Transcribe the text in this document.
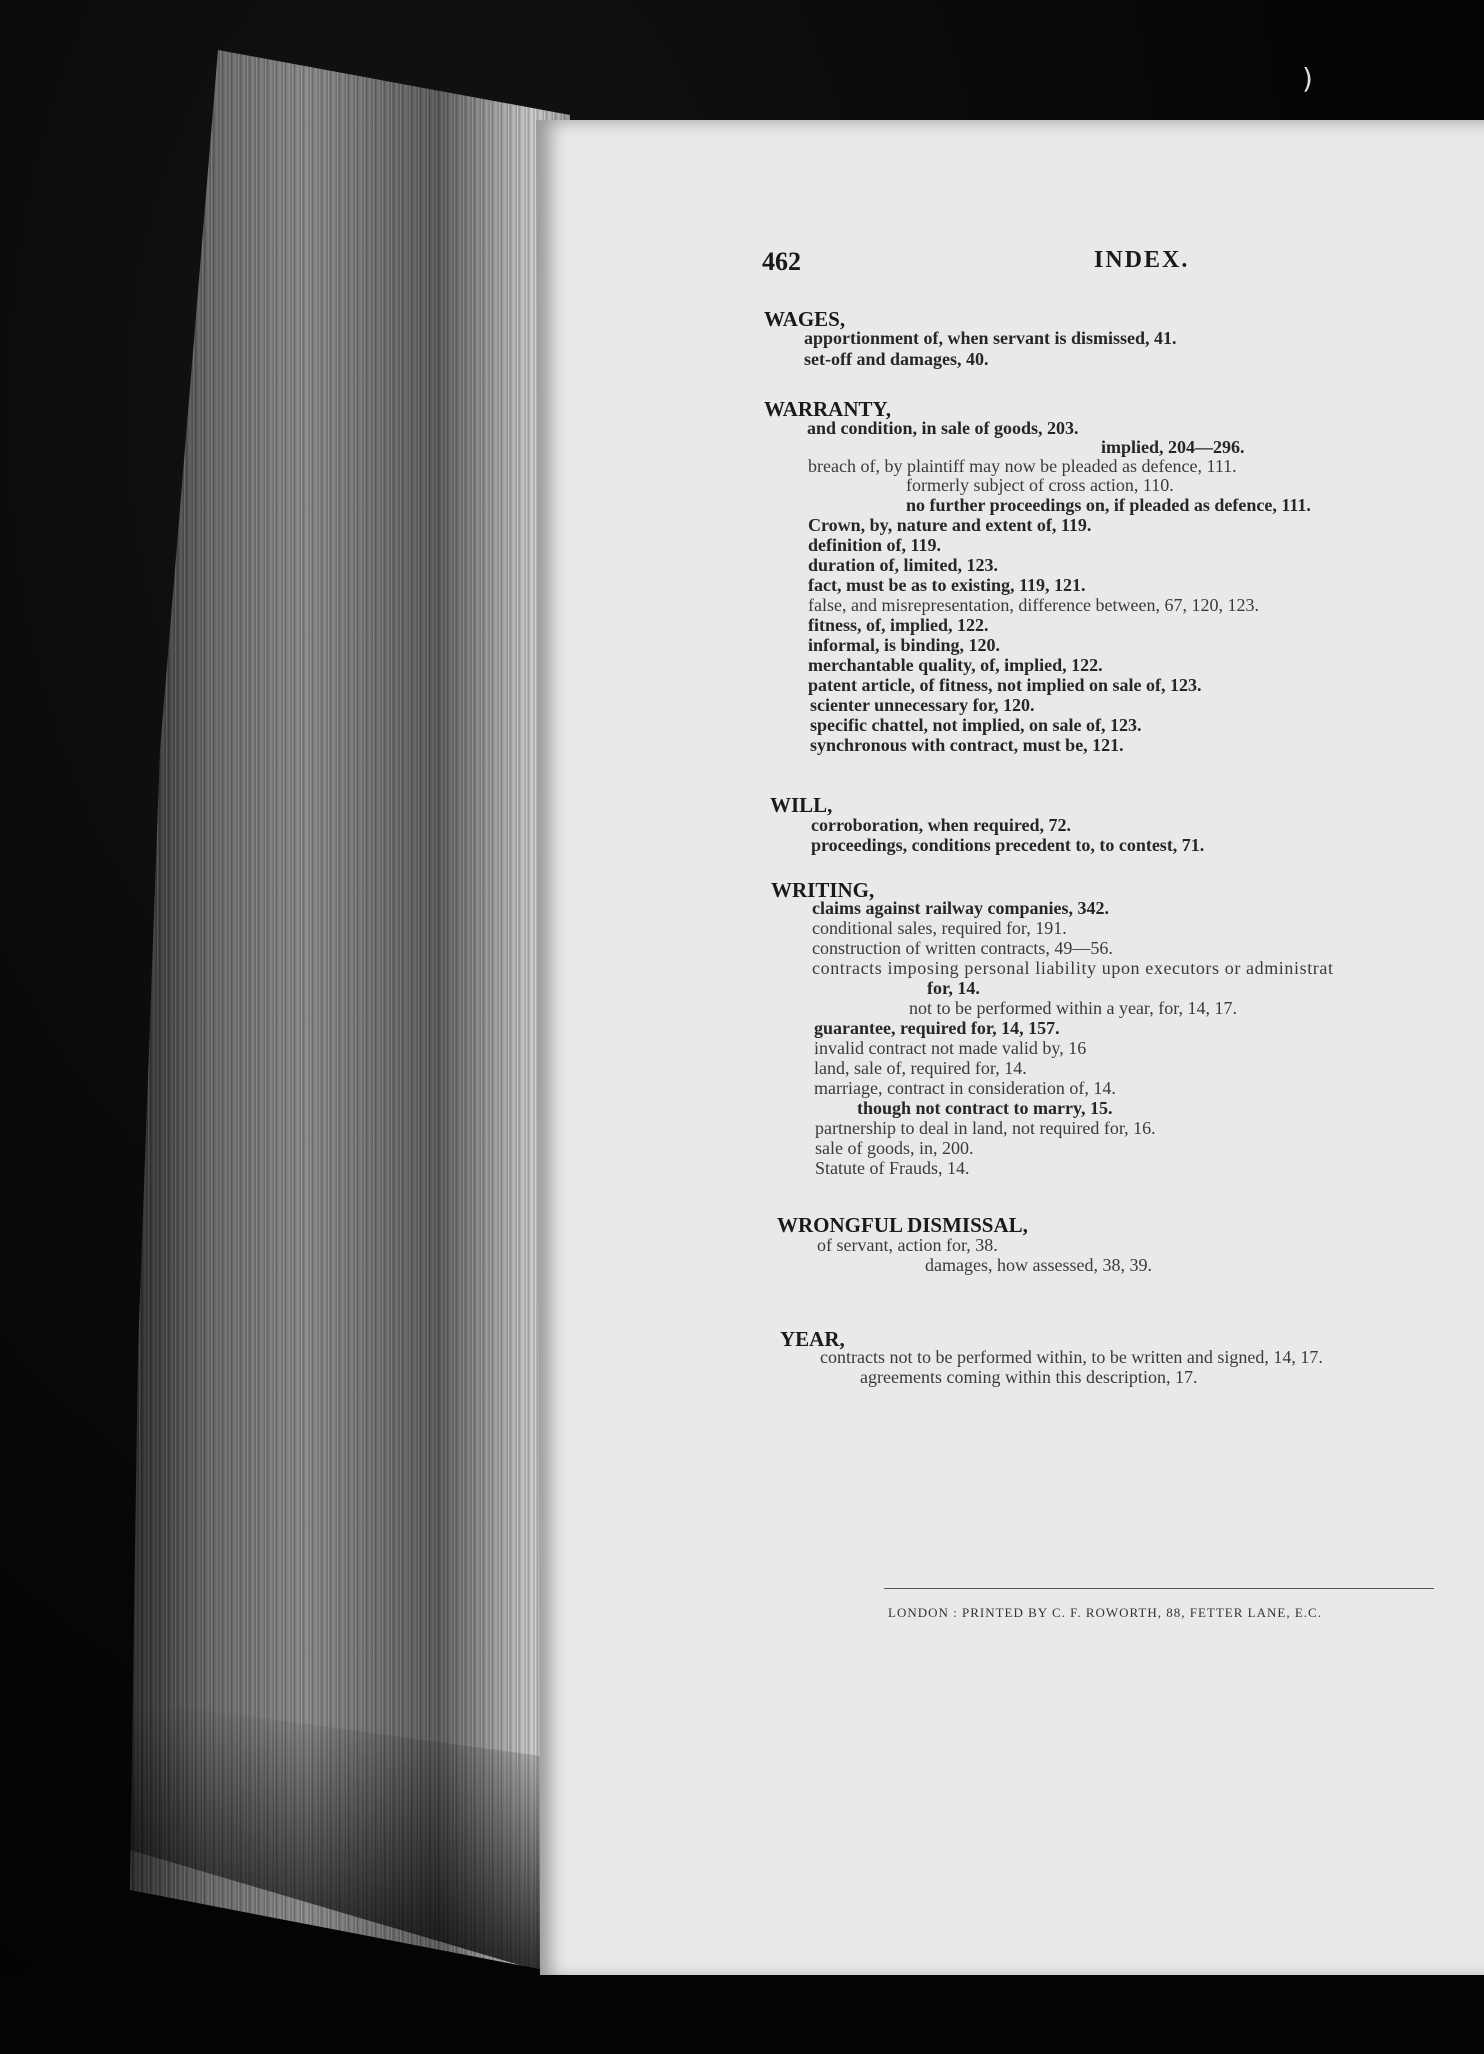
)
462	INDEX.
WAGES,
apportionment of, when servant is dismissed, 41.
set-off and damages, 40.
WARRANTY,
and condition, in sale of goods, 203.
implied, 204—296.
breach of, by plaintiff may now be pleaded as defence, 111.
formerly subject of cross action, 110.
no further proceedings on, if pleaded as defence, 111.
Crown, by, nature and extent of, 119.
definition of, 119.
duration of, limited, 123.
fact, must be as to existing, 119, 121.
false, and misrepresentation, difference between, 67, 120, 123.
fitness, of, implied, 122.
informal, is binding, 120.
merchantable quality, of, implied, 122.
patent article, of fitness, not implied on sale of, 123.
scienter unnecessary for, 120.
specific chattel, not implied, on sale of, 123.
synchronous with contract, must be, 121.
WILL,
corroboration, when required, 72.
proceedings, conditions precedent to, to contest, 71.
WRITING,
claims against railway companies, 342.
conditional sales, required for, 191.
construction of written contracts, 49—56.
contracts imposing personal liability upon executors or administrat
for, 14.
not to be performed within a year, for, 14, 17.
guarantee, required for, 14, 157.
invalid contract not made valid by, 16
land, sale of, required for, 14.
marriage, contract in consideration of, 14.
though not contract to marry, 15.
partnership to deal in land, not required for, 16.
sale of goods, in, 200.
Statute of Frauds, 14.
WRONGFUL DISMISSAL,
of servant, action for, 38.
damages, how assessed, 38, 39.
YEAR,
contracts not to be performed within, to be written and signed, 14, 17.
agreements coming within this description, 17.
LONDON : PRINTED BY C. F. ROWORTH, 88, FETTER LANE, E.C.
